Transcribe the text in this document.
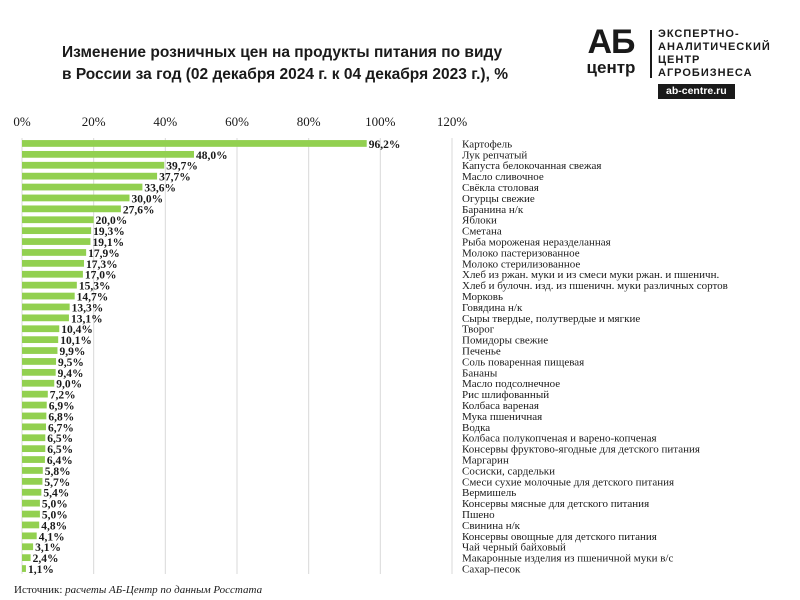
Изменение розничных цен на продукты питания по виду
в России за год (02 декабря 2024 г. к 04 декабря 2023 г.), %
АБ
центр
ЭКСПЕРТНО-
АНАЛИТИЧЕСКИЙ
ЦЕНТР
АГРОБИЗНЕСА
ab-centre.ru
0%	20%	40%	60%	80%	100%	120%
96,2%	Картофель
48,0%	Лук репчатый
39,7%	Капуста белокочанная свежая
37,7%	Масло сливочное
33,6%	Свёкла столовая
30,0%	Огурцы свежие
27,6%	Баранина н/к
20,0%	Яблоки
19,3%	Сметана
19,1%	Рыба мороженая неразделанная
17,9%	Молоко пастеризованное
17,3%	Молоко стерилизованное
17,0%	Хлеб из ржан. муки и из смеси муки ржан. и пшеничн.
15,3%	Хлеб и булочн. изд. из пшеничн. муки различных сортов
14,7%	Морковь
13,3%	Говядина н/к
13,1%	Сыры твердые, полутвердые и мягкие
10,4%	Творог
10,1%	Помидоры свежие
9,9%	Печенье
9,5%	Соль поваренная пищевая
9,4%	Бананы
9,0%	Масло подсолнечное
7,2%	Рис шлифованный
6,9%	Колбаса вареная
6,8%	Мука пшеничная
6,7%	Водка
6,5%	Колбаса полукопченая и варено-копченая
6,5%	Консервы фруктово-ягодные для детского питания
6,4%	Маргарин
5,8%	Сосиски, сардельки
5,7%	Смеси сухие молочные для детского питания
5,4%	Вермишель
5,0%	Консервы мясные для детского питания
5,0%	Пшено
4,8%	Свинина н/к
4,1%	Консервы овощные для детского питания
3,1%	Чай черный байховый
2,4%	Макаронные изделия из пшеничной муки в/с
1,1%	Сахар-песок
Источник: расчеты АБ-Центр по данным Росстата
